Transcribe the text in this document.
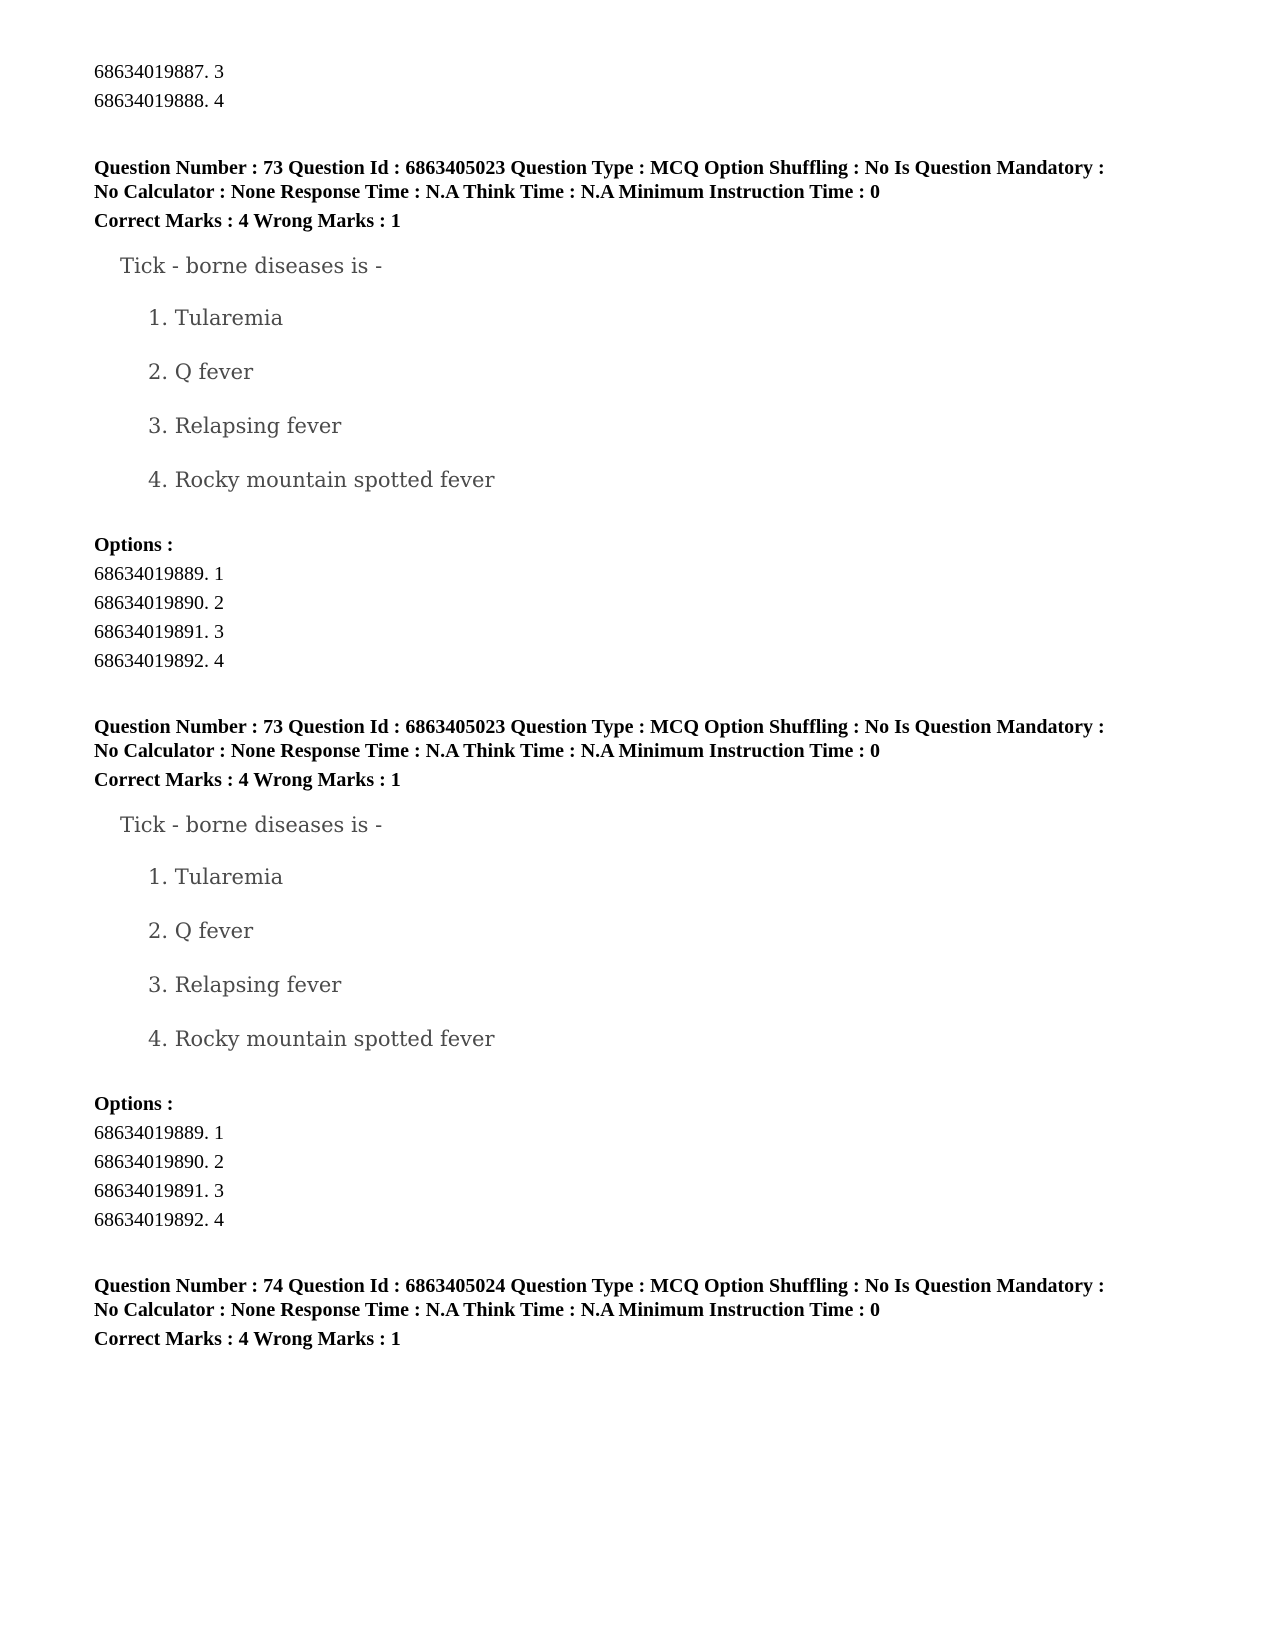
68634019887. 3
68634019888. 4
Question Number : 73 Question Id : 6863405023 Question Type : MCQ Option Shuffling : No Is Question Mandatory :
No Calculator : None Response Time : N.A Think Time : N.A Minimum Instruction Time : 0
Correct Marks : 4 Wrong Marks : 1
Tick - borne diseases is -
1. Tularemia
2. Q fever
3. Relapsing fever
4. Rocky mountain spotted fever
Options :
68634019889. 1
68634019890. 2
68634019891. 3
68634019892. 4
Question Number : 73 Question Id : 6863405023 Question Type : MCQ Option Shuffling : No Is Question Mandatory :
No Calculator : None Response Time : N.A Think Time : N.A Minimum Instruction Time : 0
Correct Marks : 4 Wrong Marks : 1
Tick - borne diseases is -
1. Tularemia
2. Q fever
3. Relapsing fever
4. Rocky mountain spotted fever
Options :
68634019889. 1
68634019890. 2
68634019891. 3
68634019892. 4
Question Number : 74 Question Id : 6863405024 Question Type : MCQ Option Shuffling : No Is Question Mandatory :
No Calculator : None Response Time : N.A Think Time : N.A Minimum Instruction Time : 0
Correct Marks : 4 Wrong Marks : 1
